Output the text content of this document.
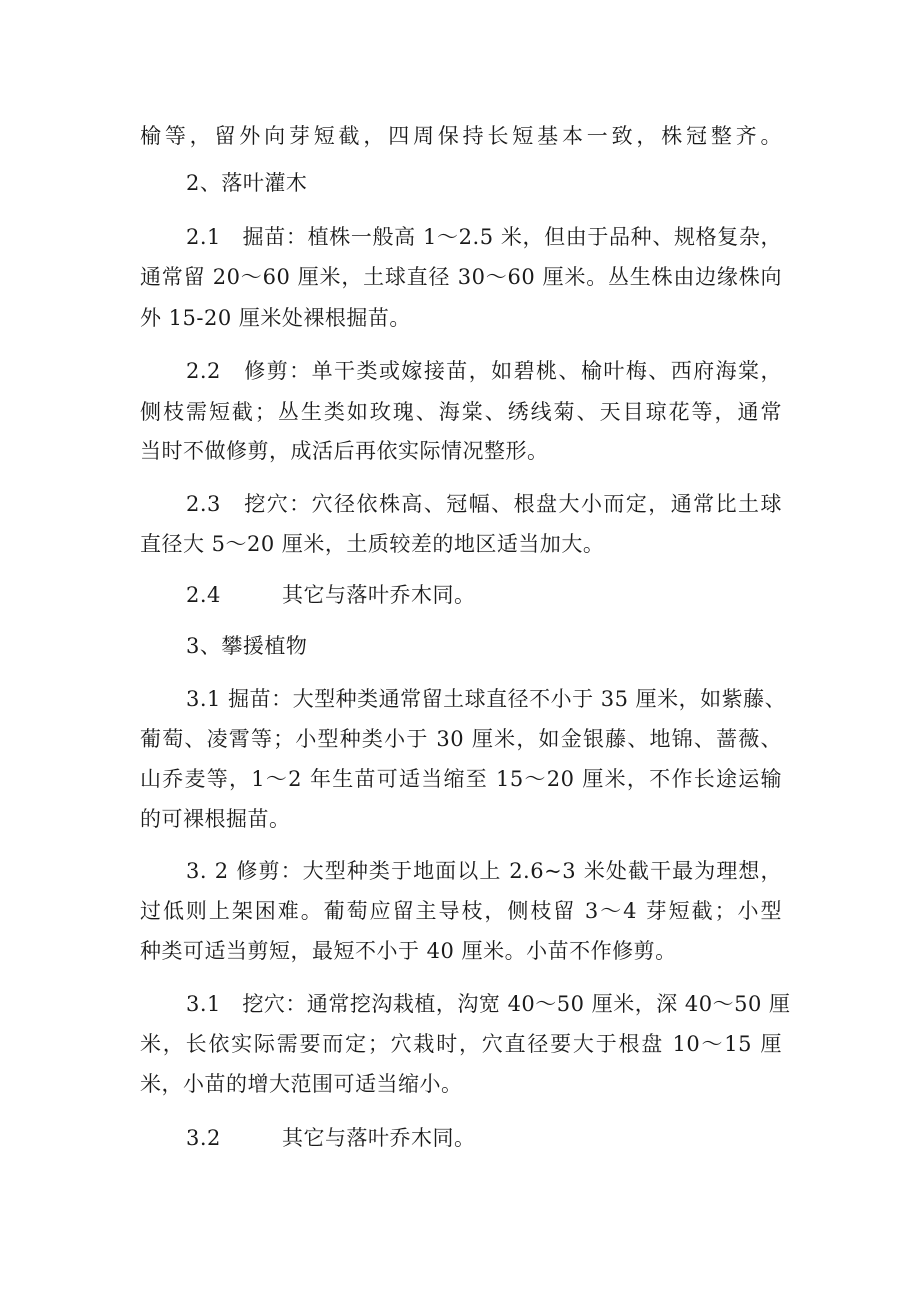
榆等，留外向芽短截，四周保持长短基本一致，株冠整齐。
2、落叶灌木
2.1　掘苗：植株一般高 1～2.5 米，但由于品种、规格复杂，
通常留 20～60 厘米，土球直径 30～60 厘米。丛生株由边缘株向
外 15-20 厘米处裸根掘苗。
2.2　修剪：单干类或嫁接苗，如碧桃、榆叶梅、西府海棠，
侧枝需短截；丛生类如玫瑰、海棠、绣线菊、天目琼花等，通常
当时不做修剪，成活后再依实际情况整形。
2.3　挖穴：穴径依株高、冠幅、根盘大小而定，通常比土球
直径大 5～20 厘米，土质较差的地区适当加大。
2.4	其它与落叶乔木同。
3、攀援植物
3.1 掘苗：大型种类通常留土球直径不小于 35 厘米，如紫藤、
葡萄、凌霄等；小型种类小于 30 厘米，如金银藤、地锦、蔷薇、
山乔麦等，1～2 年生苗可适当缩至 15～20 厘米，不作长途运输
的可裸根掘苗。
3. 2 修剪：大型种类于地面以上 2.6~3 米处截干最为理想，
过低则上架困难。葡萄应留主导枝，侧枝留 3～4 芽短截；小型
种类可适当剪短，最短不小于 40 厘米。小苗不作修剪。
3.1　挖穴：通常挖沟栽植，沟宽 40～50 厘米，深 40～50 厘
米，长依实际需要而定；穴栽时，穴直径要大于根盘 10～15 厘
米，小苗的增大范围可适当缩小。
3.2	其它与落叶乔木同。
